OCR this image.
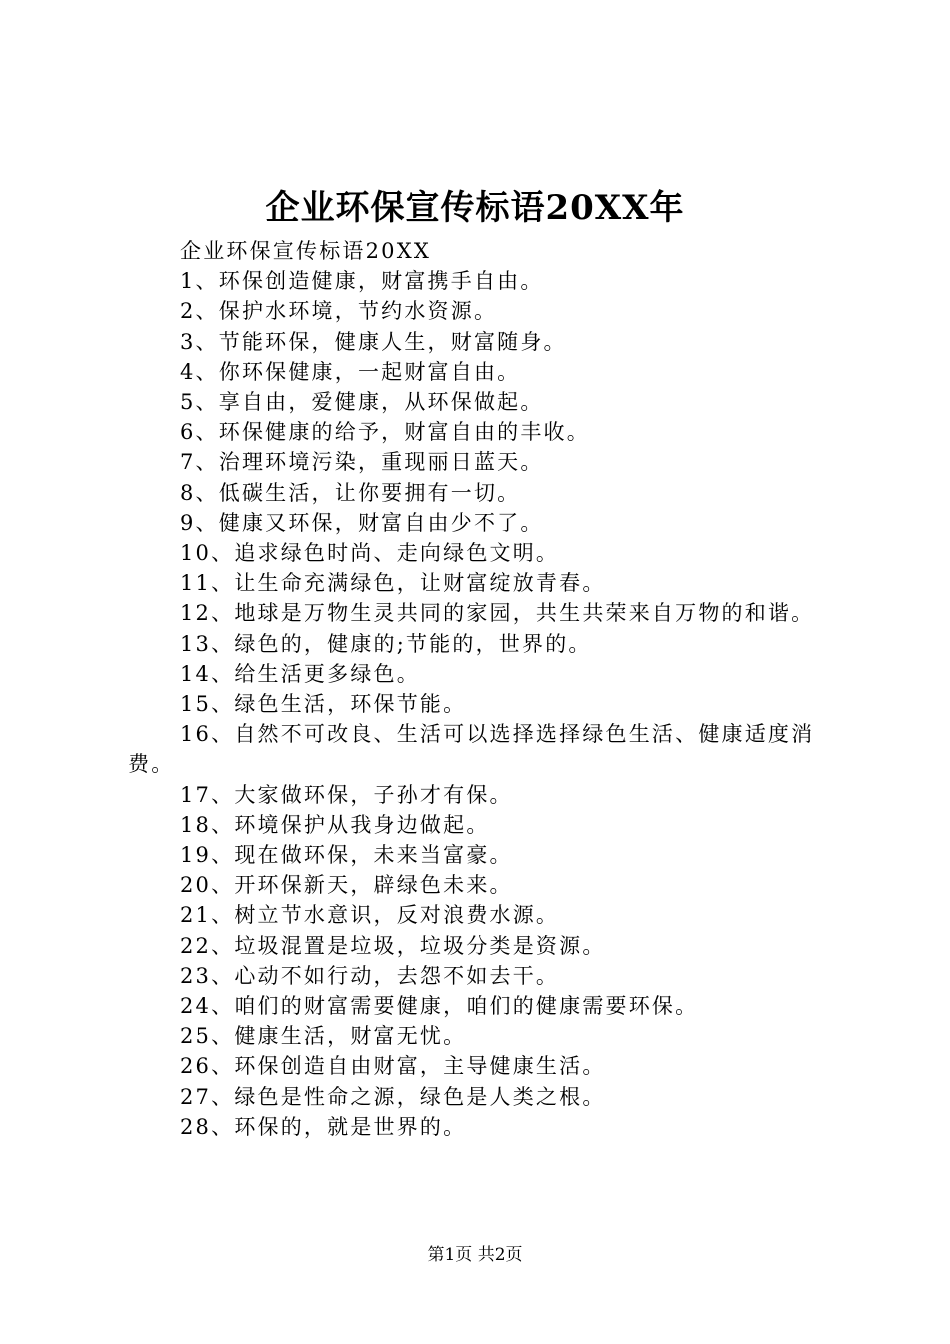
企业环保宣传标语20XX年

企业环保宣传标语20XX

1、环保创造健康，财富携手自由。

2、保护水环境，节约水资源。

3、节能环保，健康人生，财富随身。

4、你环保健康，一起财富自由。

5、享自由，爱健康，从环保做起。

6、环保健康的给予，财富自由的丰收。

7、治理环境污染，重现丽日蓝天。

8、低碳生活，让你要拥有一切。

9、健康又环保，财富自由少不了。

10、追求绿色时尚、走向绿色文明。

11、让生命充满绿色，让财富绽放青春。

12、地球是万物生灵共同的家园，共生共荣来自万物的和谐。

13、绿色的，健康的;节能的，世界的。

14、给生活更多绿色。

15、绿色生活，环保节能。

16、自然不可改良、生活可以选择选择绿色生活、健康适度消费。

17、大家做环保，子孙才有保。

18、环境保护从我身边做起。

19、现在做环保，未来当富豪。

20、开环保新天，辟绿色未来。

21、树立节水意识，反对浪费水源。

22、垃圾混置是垃圾，垃圾分类是资源。

23、心动不如行动，去怨不如去干。

24、咱们的财富需要健康，咱们的健康需要环保。

25、健康生活，财富无忧。

26、环保创造自由财富，主导健康生活。

27、绿色是性命之源，绿色是人类之根。

28、环保的，就是世界的。

第1页 共2页
